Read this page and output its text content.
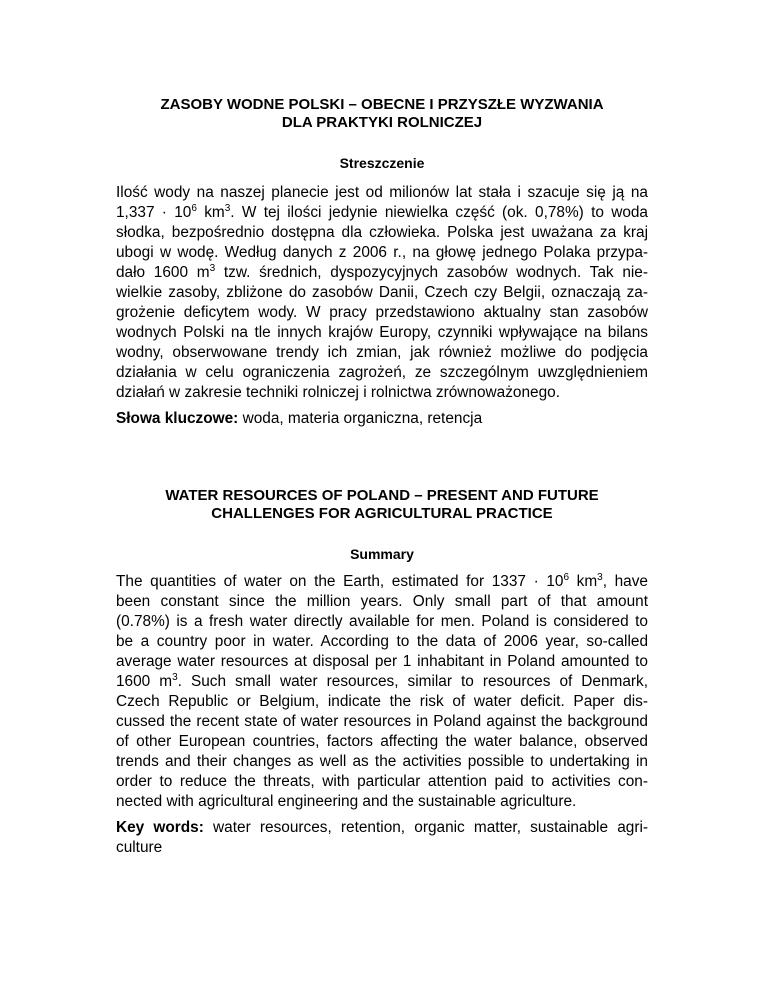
ZASOBY WODNE POLSKI – OBECNE I PRZYSZŁE WYZWANIA
DLA PRAKTYKI ROLNICZEJ
Streszczenie
Ilość wody na naszej planecie jest od milionów lat stała i szacuje się ją na
$1,337 \cdot 10^6$ $km^3$. W tej ilości jedynie niewielka część (ok. 0,78%) to woda
słodka, bezpośrednio dostępna dla człowieka. Polska jest uważana za kraj
ubogi w wodę. Według danych z 2006 r., na głowę jednego Polaka przypa-
dało 1600 $m^3$ tzw. średnich, dyspozycyjnych zasobów wodnych. Tak nie-
wielkie zasoby, zbliżone do zasobów Danii, Czech czy Belgii, oznaczają za-
grożenie deficytem wody. W pracy przedstawiono aktualny stan zasobów
wodnych Polski na tle innych krajów Europy, czynniki wpływające na bilans
wodny, obserwowane trendy ich zmian, jak również możliwe do podjęcia
działania w celu ograniczenia zagrożeń, ze szczególnym uwzględnieniem
działań w zakresie techniki rolniczej i rolnictwa zrównoważonego.

Słowa kluczowe: woda, materia organiczna, retencja

WATER RESOURCES OF POLAND – PRESENT AND FUTURE
CHALLENGES FOR AGRICULTURAL PRACTICE
Summary
The quantities of water on the Earth, estimated for $1337 \cdot 10^6$ $km^3$, have
been constant since the million years. Only small part of that amount
(0.78%) is a fresh water directly available for men. Poland is considered to
be a country poor in water. According to the data of 2006 year, so-called
average water resources at disposal per 1 inhabitant in Poland amounted to
1600 $m^3$. Such small water resources, similar to resources of Denmark,
Czech Republic or Belgium, indicate the risk of water deficit. Paper dis-
cussed the recent state of water resources in Poland against the background
of other European countries, factors affecting the water balance, observed
trends and their changes as well as the activities possible to undertaking in
order to reduce the threats, with particular attention paid to activities con-
nected with agricultural engineering and the sustainable agriculture.

Key words: water resources, retention, organic matter, sustainable agri-
culture
